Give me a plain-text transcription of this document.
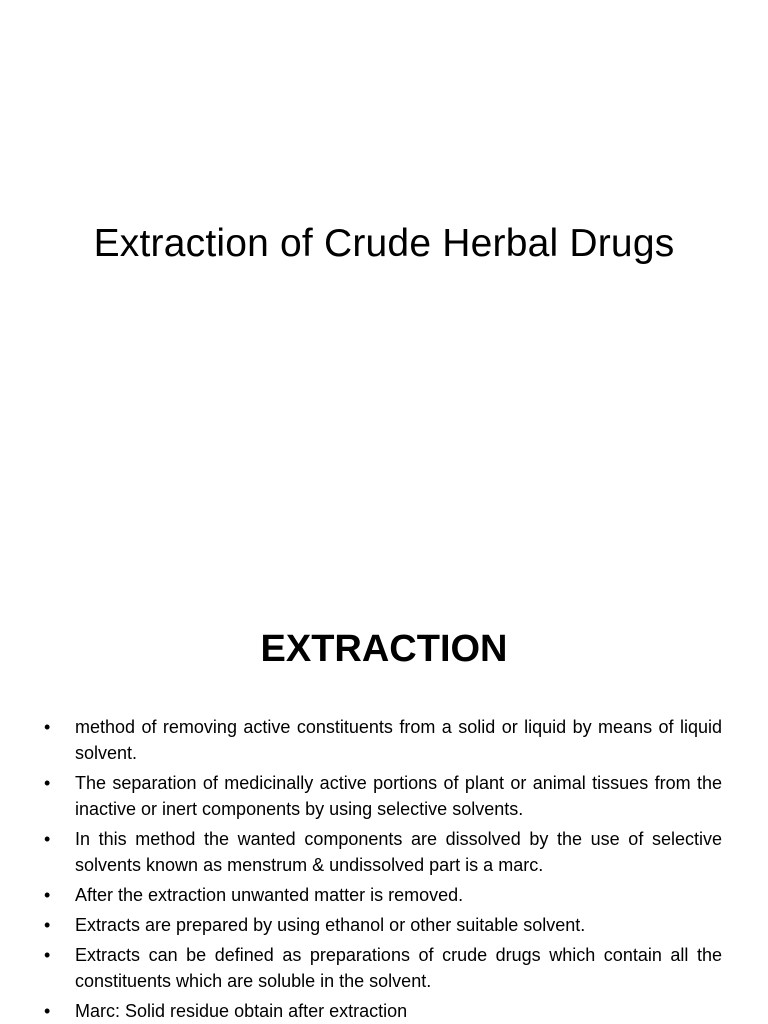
Extraction of Crude Herbal Drugs
EXTRACTION
•	method of removing active constituents from a solid or liquid by means of liquid solvent.
•	The separation of medicinally active portions of plant or animal tissues from the inactive or inert components by using selective solvents.
•	In this method the wanted components are dissolved by the use of selective solvents known as menstrum & undissolved part is a marc.
•	After the extraction unwanted matter is removed.
•	Extracts are prepared by using ethanol or other suitable solvent.
•	Extracts can be defined as preparations of crude drugs which contain all the constituents which are soluble in the solvent.
•	Marc: Solid residue obtain after extraction
